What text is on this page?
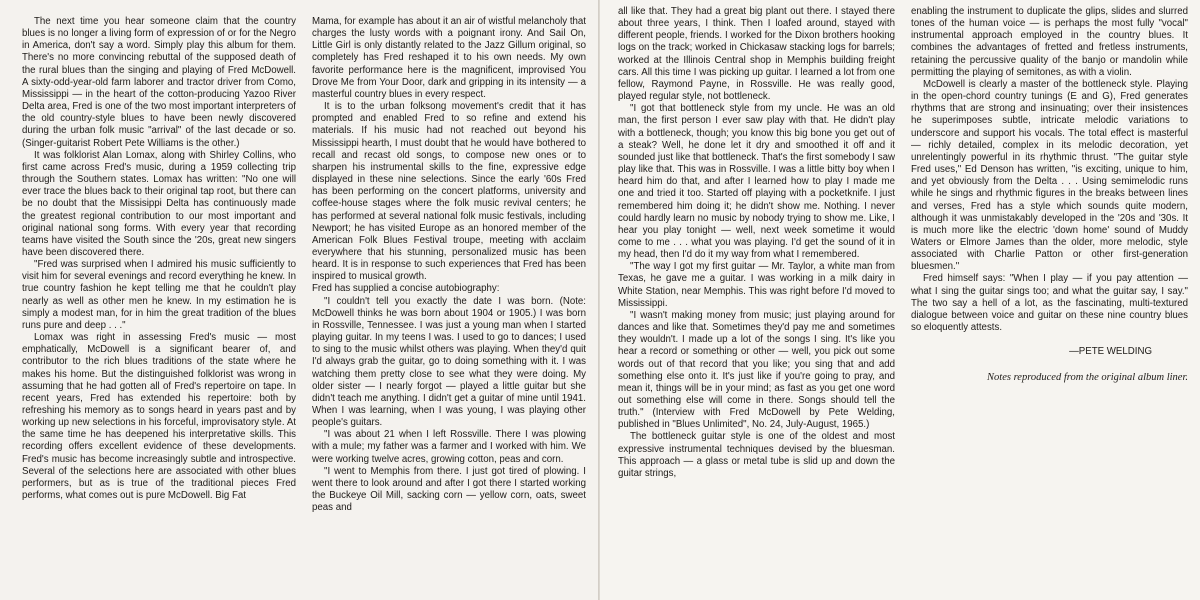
The next time you hear someone claim that the country blues is no longer a living form of expression of or for the Negro in America, don't say a word. Simply play this album for them. There's no more convincing rebuttal of the supposed death of the rural blues than the singing and playing of Fred McDowell. A sixty-odd-year-old farm laborer and tractor driver from Como, Mississippi — in the heart of the cotton-producing Yazoo River Delta area, Fred is one of the two most important interpreters of the old country-style blues to have been newly discovered during the urban folk music "arrival" of the last decade or so. (Singer-guitarist Robert Pete Williams is the other.)

It was folklorist Alan Lomax, along with Shirley Collins, who first came across Fred's music, during a 1959 collecting trip through the Southern states. Lomax has written: "No one will ever trace the blues back to their original tap root, but there can be no doubt that the Missisippi Delta has continuously made the greatest regional contribution to our most important and original national song forms. With every year that recording teams have visited the South since the '20s, great new singers have been discovered there.

"Fred was surprised when I admired his music sufficiently to visit him for several evenings and record everything he knew. In true country fashion he kept telling me that he couldn't play nearly as well as other men he knew. In my estimation he is simply a modest man, for in him the great tradition of the blues runs pure and deep . . ."

Lomax was right in assessing Fred's music — most emphatically, McDowell is a significant bearer of, and contributor to the rich blues traditions of the state where he makes his home. But the distinguished folklorist was wrong in assuming that he had gotten all of Fred's repertoire on tape. In recent years, Fred has extended his repertoire: both by refreshing his memory as to songs heard in years past and by working up new selections in his forceful, improvisatory style. At the same time he has deepened his interpretative skills. This recording offers excellent evidence of these developments. Fred's music has become increasingly subtle and introspective. Several of the selections here are associated with other blues performers, but as is true of the traditional pieces Fred performs, what comes out is pure McDowell. Big Fat

Mama, for example has about it an air of wistful melancholy that charges the lusty words with a poignant irony. And Sail On, Little Girl is only distantly related to the Jazz Gillum original, so completely has Fred reshaped it to his own needs. My own favorite performance here is the magnificent, improvised You Drove Me from Your Door, dark and gripping in its intensity — a masterful country blues in every respect.

It is to the urban folksong movement's credit that it has prompted and enabled Fred to so refine and extend his materials. If his music had not reached out beyond his Mississippi hearth, I must doubt that he would have bothered to recall and recast old songs, to compose new ones or to sharpen his instrumental skills to the fine, expressive edge displayed in these nine selections. Since the early '60s Fred has been performing on the concert platforms, university and coffee-house stages where the folk music revival centers; he has performed at several national folk music festivals, including Newport; he has visited Europe as an honored member of the American Folk Blues Festival troupe, meeting with acclaim everywhere that his stunning, personalized music has been heard. It is in response to such experiences that Fred has been inspired to musical growth.

Fred has supplied a concise autobiography:

"I couldn't tell you exactly the date I was born. (Note: McDowell thinks he was born about 1904 or 1905.) I was born in Rossville, Tennessee. I was just a young man when I started playing guitar. In my teens I was. I used to go to dances; I used to sing to the music whilst others was playing. When they'd quit I'd always grab the guitar, go to doing something with it. I was watching them pretty close to see what they were doing. My older sister — I nearly forgot — played a little guitar but she didn't teach me anything. I didn't get a guitar of mine until 1941. When I was learning, when I was young, I was playing other people's guitars.

"I was about 21 when I left Rossville. There I was plowing with a mule; my father was a farmer and I worked with him. We were working twelve acres, growing cotton, peas and corn.

"I went to Memphis from there. I just got tired of plowing. I went there to look around and after I got there I started working the Buckeye Oil Mill, sacking corn — yellow corn, oats, sweet peas and

all like that. They had a great big plant out there. I stayed there about three years, I think. Then I loafed around, stayed with different people, friends. I worked for the Dixon brothers hooking logs on the track; worked in Chickasaw stacking logs for barrels; worked at the Illinois Central shop in Memphis building freight cars. All this time I was picking up guitar. I learned a lot from one fellow, Raymond Payne, in Rossville. He was really good, played regular style, not bottleneck.

"I got that bottleneck style from my uncle. He was an old man, the first person I ever saw play with that. He didn't play with a bottleneck, though; you know this big bone you get out of a steak? Well, he done let it dry and smoothed it off and it sounded just like that bottleneck. That's the first somebody I saw play like that. This was in Rossville. I was a little bitty boy when I heard him do that, and after I learned how to play I made me one and tried it too. Started off playing with a pocketknife. I just remembered him doing it; he didn't show me. Nothing. I never could hardly learn no music by nobody trying to show me. Like, I hear you play tonight — well, next week sometime it would come to me . . . what you was playing. I'd get the sound of it in my head, then I'd do it my way from what I remembered.

"The way I got my first guitar — Mr. Taylor, a white man from Texas, he gave me a guitar. I was working in a milk dairy in White Station, near Memphis. This was right before I'd moved to Mississippi.

"I wasn't making money from music; just playing around for dances and like that. Sometimes they'd pay me and sometimes they wouldn't. I made up a lot of the songs I sing. It's like you hear a record or something or other — well, you pick out some words out of that record that you like; you sing that and add something else onto it. It's just like if you're going to pray, and mean it, things will be in your mind; as fast as you get one word out something else will come in there. Songs should tell the truth." (Interview with Fred McDowell by Pete Welding, published in "Blues Unlimited", No. 24, July-August, 1965.)

The bottleneck guitar style is one of the oldest and most expressive instrumental techniques devised by the bluesman. This approach — a glass or metal tube is slid up and down the guitar strings,

enabling the instrument to duplicate the glips, slides and slurred tones of the human voice — is perhaps the most fully "vocal" instrumental approach employed in the country blues. It combines the advantages of fretted and fretless instruments, retaining the percussive quality of the banjo or mandolin while permitting the playing of semitones, as with a violin.

McDowell is clearly a master of the bottleneck style. Playing in the open-chord country tunings (E and G), Fred generates rhythms that are strong and insinuating; over their insistences he superimposes subtle, intricate melodic variations to underscore and support his vocals. The total effect is masterful — richly detailed, complex in its melodic decoration, yet unrelentingly powerful in its rhythmic thrust. "The guitar style Fred uses," Ed Denson has written, "is exciting, unique to him, and yet obviously from the Delta . . . Using semimelodic runs while he sings and rhythmic figures in the breaks between lines and verses, Fred has a style which sounds quite modern, although it was unmistakably developed in the '20s and '30s. It is much more like the electric 'down home' sound of Muddy Waters or Elmore James than the older, more melodic, style associated with Charlie Patton or other first-generation bluesmen."

Fred himself says: "When I play — if you pay attention — what I sing the guitar sings too; and what the guitar say, I say." The two say a hell of a lot, as the fascinating, multi-textured dialogue between voice and guitar on these nine country blues so eloquently attests.

—PETE WELDING

Notes reproduced from the original album liner.
